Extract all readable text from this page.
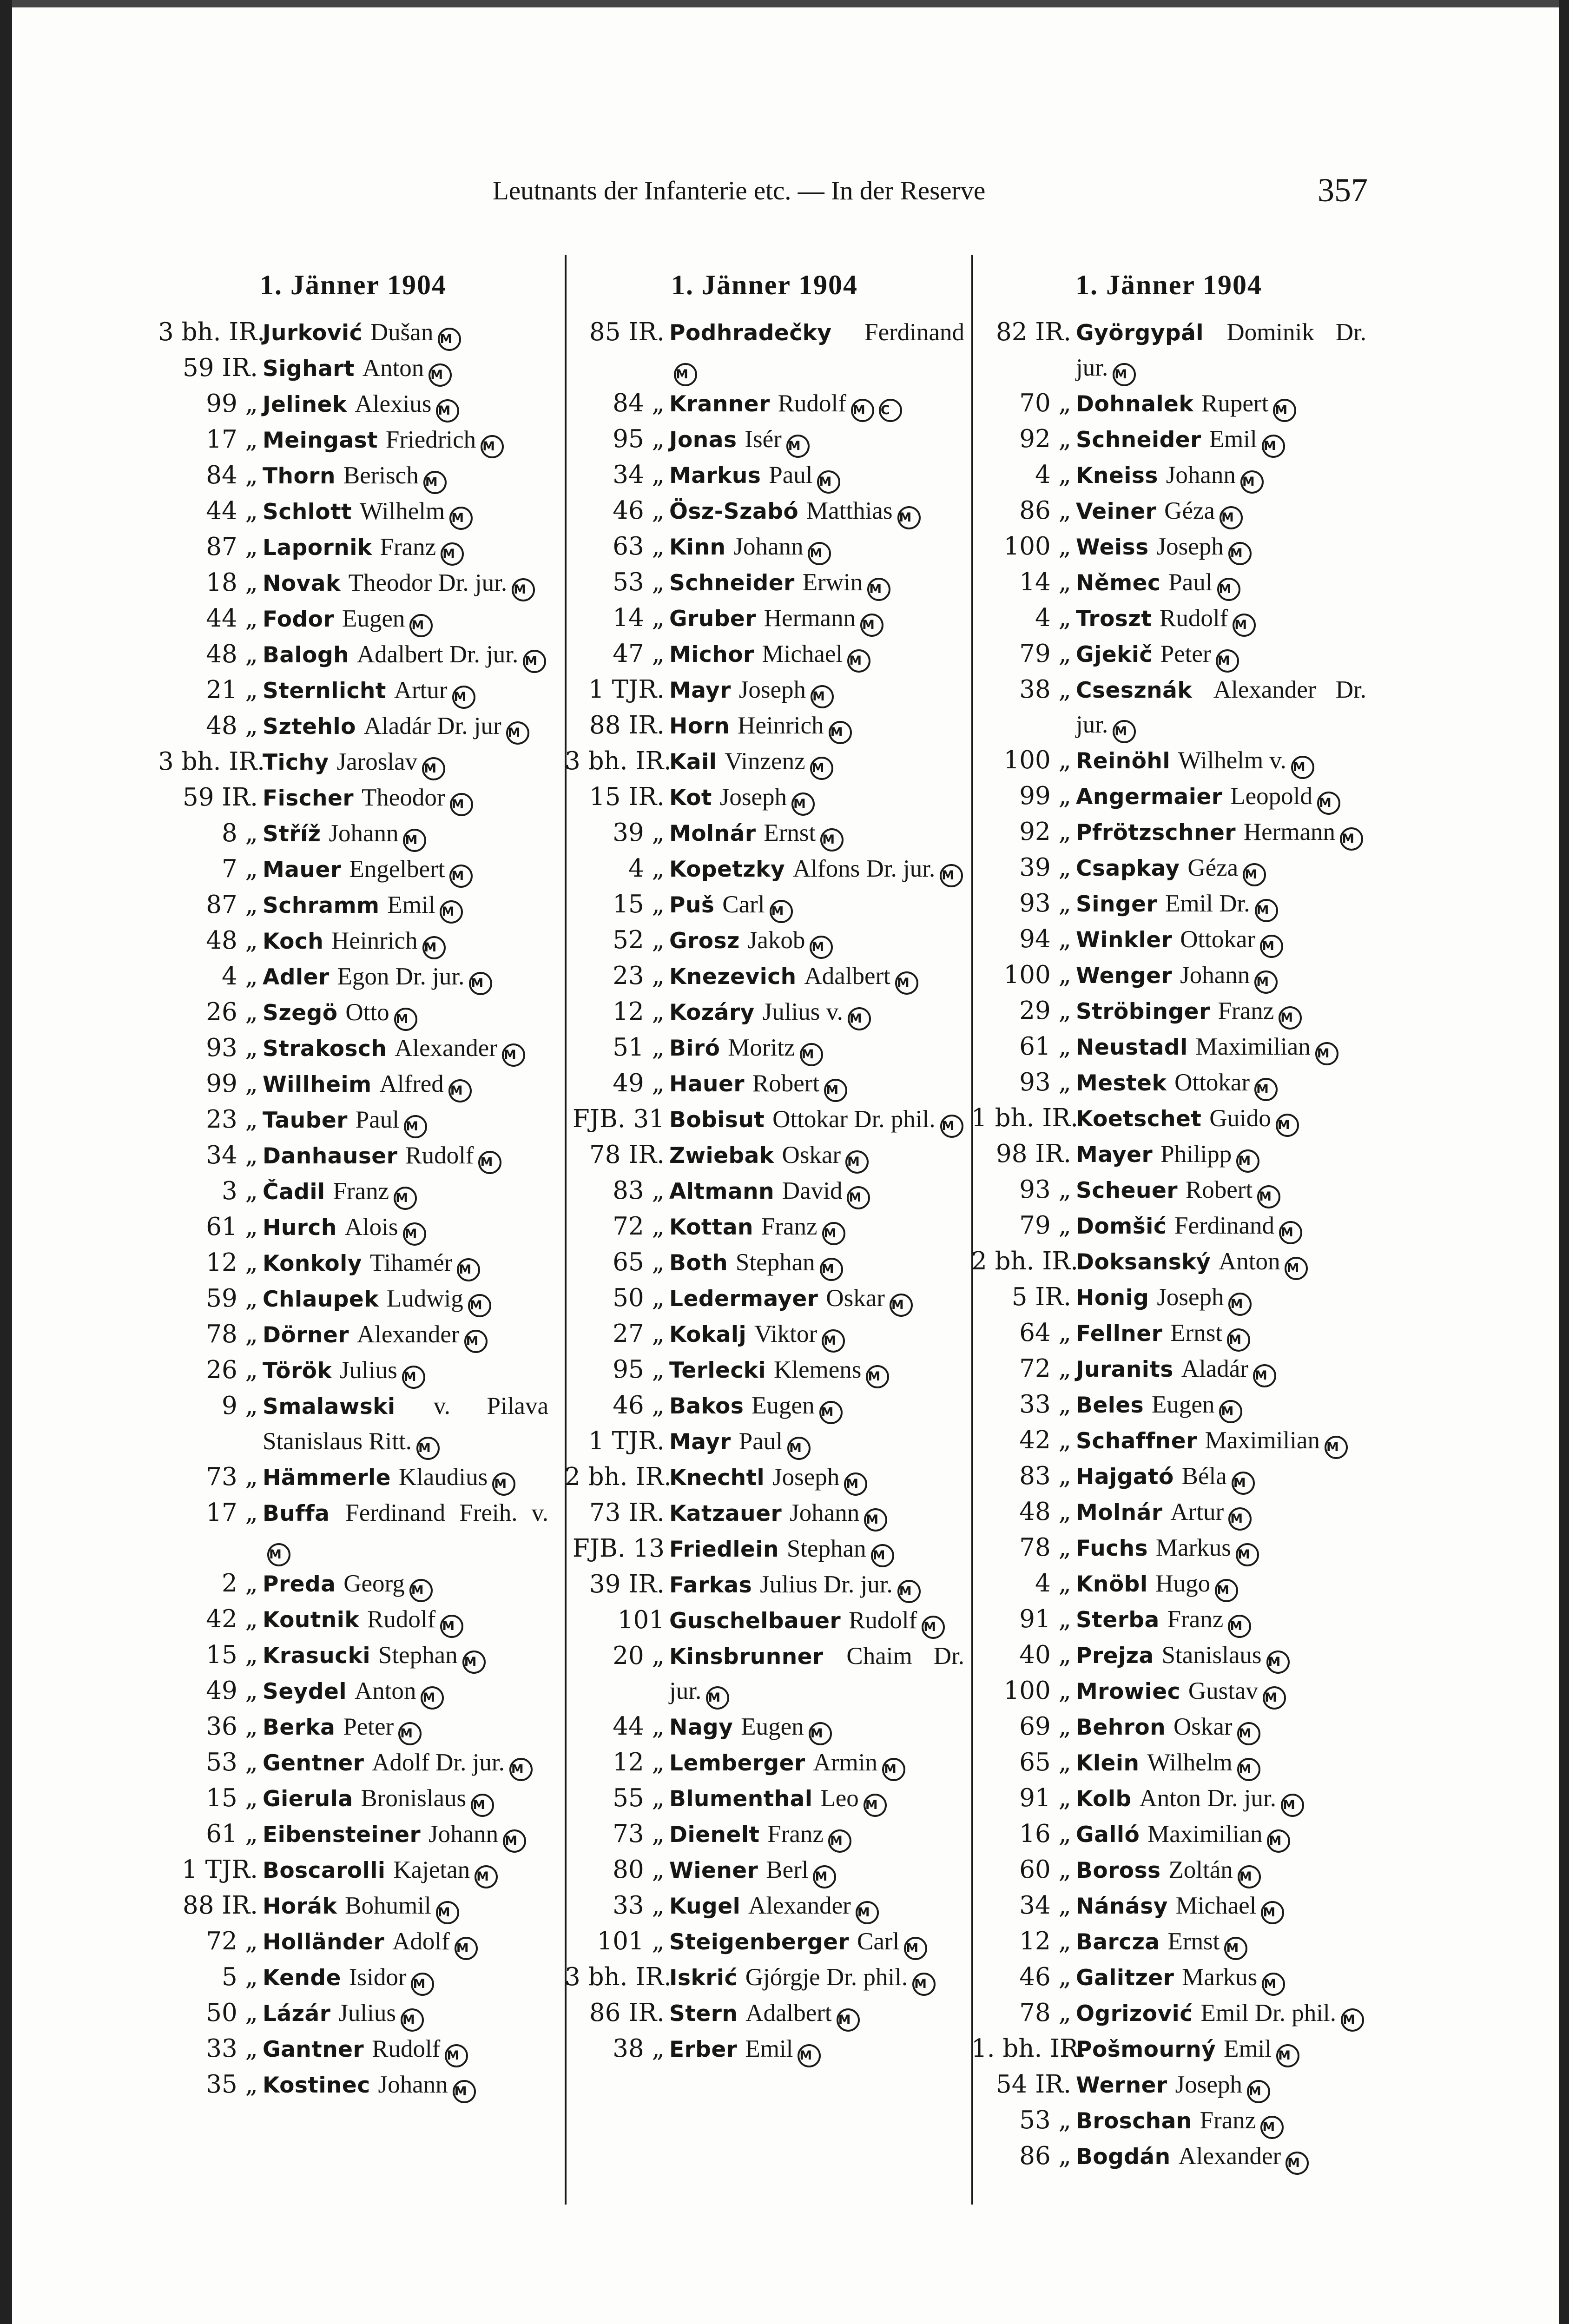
Leutnants der Infanterie etc. — In der Reserve	357
1. Jänner 1904
3 bh. IR.
Jurković Dušan M
59 IR. Sighart Anton M
99 „ Jelinek Alexius M
17 „ Meingast Friedrich M
84 „ Thorn Berisch M
44 „ Schlott Wilhelm M
87 „ Lapornik Franz M
18 „ Novak Theodor Dr. jur. M
44 „ Fodor Eugen M
48 „ Balogh Adalbert Dr. jur. M
21 „ Sternlicht Artur M
48 „ Sztehlo Aladár Dr. jur M
3 bh. IR.
Tichy Jaroslav M
59 IR. Fischer Theodor M
8 „ Stříž Johann M
7 „ Mauer Engelbert M
87 „ Schramm Emil M
48 „ Koch Heinrich M
4 „ Adler Egon Dr. jur. M
26 „ Szegö Otto M
93 „ Strakosch Alexander M
99 „ Willheim Alfred M
23 „ Tauber Paul M
34 „ Danhauser Rudolf M
3 „ Čadil Franz M
61 „ Hurch Alois M
12 „ Konkoly Tihamér M
59 „ Chlaupek Ludwig M
78 „ Dörner Alexander M
26 „ Török Julius M
9 „ Smalawski v. Pilava Stanislaus Ritt. M
73 „ Hämmerle Klaudius M
17 „ Buffa Ferdinand Freih. v.M
2 „ Preda Georg M
42 „ Koutnik Rudolf M
15 „ Krasucki Stephan M
49 „ Seydel Anton M
36 „ Berka Peter M
53 „ Gentner Adolf Dr. jur. M
15 „ Gierula Bronislaus M
61 „ Eibensteiner Johann M
1 TJR. Boscarolli Kajetan M
88 IR. Horák Bohumil M
72 „ Holländer Adolf M
5 „ Kende Isidor M
50 „ Lázár Julius M
33 „ Gantner Rudolf M
35 „ Kostinec Johann M
1. Jänner 1904
85 IR. Podhradečky FerdinandM
84 „ Kranner Rudolf M C
95 „ Jonas Isér M
34 „ Markus Paul M
46 „ Ösz-Szabó Matthias M
63 „ Kinn Johann M
53 „ Schneider Erwin M
14 „ Gruber Hermann M
47 „ Michor Michael M
1 TJR. Mayr Joseph M
88 IR. Horn Heinrich M
3 bh. IR.
Kail Vinzenz M
15 IR. Kot Joseph M
39 „ Molnár Ernst M
4 „ Kopetzky Alfons Dr. jur. M
15 „ Puš Carl M
52 „ Grosz Jakob M
23 „ Knezevich Adalbert M
12 „ Kozáry Julius v. M
51 „ Biró Moritz M
49 „ Hauer Robert M
FJB. 31 Bobisut Ottokar Dr. phil. M
78 IR. Zwiebak Oskar M
83 „ Altmann David M
72 „ Kottan Franz M
65 „ Both Stephan M
50 „ Ledermayer Oskar M
27 „ Kokalj Viktor M
95 „ Terlecki Klemens M
46 „ Bakos Eugen M
1 TJR. Mayr Paul M
2 bh. IR.
Knechtl Joseph M
73 IR. Katzauer Johann M
FJB. 13 Friedlein Stephan M
39 IR. Farkas Julius Dr. jur. M
101 Guschelbauer Rudolf M
20 „ Kinsbrunner Chaim Dr. jur. M
44 „ Nagy Eugen M
12 „ Lemberger Armin M
55 „ Blumenthal Leo M
73 „ Dienelt Franz M
80 „ Wiener Berl M
33 „ Kugel Alexander M
101 „ Steigenberger Carl M
3 bh. IR.
Iskrić Gjórgje Dr. phil. M
86 IR. Stern Adalbert M
38 „ Erber Emil M
1. Jänner 1904
82 IR. Györgypál Dominik Dr. jur. M
70 „ Dohnalek Rupert M
92 „ Schneider Emil M
4 „ Kneiss Johann M
86 „ Veiner Géza M
100 „ Weiss Joseph M
14 „ Němec Paul M
4 „ Troszt Rudolf M
79 „ Gjekič Peter M
38 „ Csesznák Alexander Dr. jur. M
100 „ Reinöhl Wilhelm v. M
99 „ Angermaier Leopold M
92 „ Pfrötzschner Hermann M
39 „ Csapkay Géza M
93 „ Singer Emil Dr. M
94 „ Winkler Ottokar M
100 „ Wenger Johann M
29 „ Ströbinger Franz M
61 „ Neustadl Maximilian M
93 „ Mestek Ottokar M
1 bh. IR.
Koetschet Guido M
98 IR. Mayer Philipp M
93 „ Scheuer Robert M
79 „ Domšić Ferdinand M
2 bh. IR.
Doksanský Anton M
5 IR. Honig Joseph M
64 „ Fellner Ernst M
72 „ Juranits Aladár M
33 „ Beles Eugen M
42 „ Schaffner Maximilian M
83 „ Hajgató Béla M
48 „ Molnár Artur M
78 „ Fuchs Markus M
4 „ Knöbl Hugo M
91 „ Sterba Franz M
40 „ Prejza Stanislaus M
100 „ Mrowiec Gustav M
69 „ Behron Oskar M
65 „ Klein Wilhelm M
91 „ Kolb Anton Dr. jur. M
16 „ Galló Maximilian M
60 „ Boross Zoltán M
34 „ Nánásy Michael M
12 „ Barcza Ernst M
46 „ Galitzer Markus M
78 „ Ogrizović Emil Dr. phil. M
1. bh. IR.
Pošmourný Emil M
54 IR. Werner Joseph M
53 „ Broschan Franz M
86 „ Bogdán Alexander M
